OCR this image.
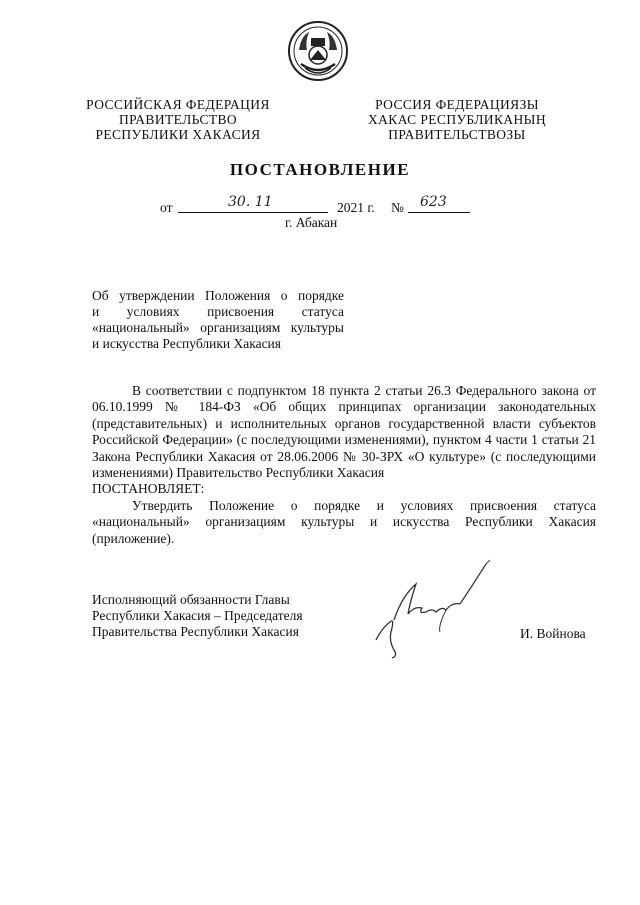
РОССИЙСКАЯ ФЕДЕРАЦИЯ
ПРАВИТЕЛЬСТВО
РЕСПУБЛИКИ ХАКАСИЯ
РОССИЯ ФЕДЕРАЦИЯЗЫ
ХАКАС РЕСПУБЛИКАНЫҢ
ПРАВИТЕЛЬСТВОЗЫ
ПОСТАНОВЛЕНИЕ
от	30. 11	2021 г. № 623
г. Абакан
Об утверждении Положения о порядке
и условиях присвоения статуса
«национальный» организациям культуры
и искусства Республики Хакасия

В соответствии с подпунктом 18 пункта 2 статьи 26.3 Федерального закона от 06.10.1999 № 184-ФЗ «Об общих принципах организации законодательных (представительных) и исполнительных органов государственной власти субъектов Российской Федерации» (с последующими изменениями), пунктом 4 части 1 статьи 21 Закона Республики Хакасия от 28.06.2006 № 30-ЗРХ «О культуре» (с последующими изменениями) Правительство Республики Хакасия

ПОСТАНОВЛЯЕТ:

Утвердить Положение о порядке и условиях присвоения статуса «национальный» организациям культуры и искусства Республики Хакасия (приложение).

Исполняющий обязанности Главы
Республики Хакасия – Председателя
Правительства Республики Хакасия	И. Войнова
